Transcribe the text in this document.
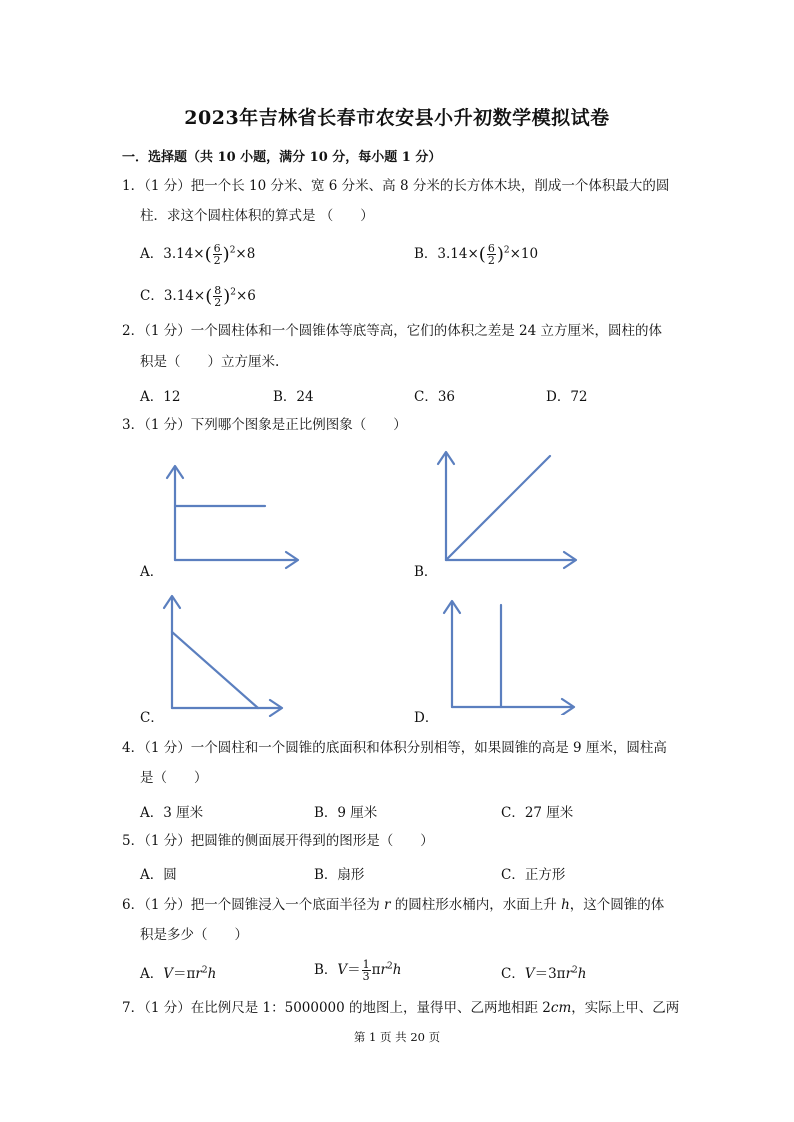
2023年吉林省长春市农安县小升初数学模拟试卷
一．选择题（共 10 小题，满分 10 分，每小题 1 分）
1．（1 分）把一个长 10 分米、宽 6 分米、高 8 分米的长方体木块，削成一个体积最大的圆
柱．求这个圆柱体积的算式是 （　　）
A．$3.14\times( \frac{6}{2} )^2\times 8$	B．$3.14\times( \frac{6}{2} )^2\times 10$
C．$3.14\times( \frac{8}{2} )^2\times 6$
2．（1 分）一个圆柱体和一个圆锥体等底等高，它们的体积之差是 24 立方厘米，圆柱的体
积是（　　）立方厘米.
A．12	B．24	C．36	D．72
3．（1 分）下列哪个图象是正比例图象（　　）
A．	B．
C．	D．
4．（1 分）一个圆柱和一个圆锥的底面积和体积分别相等，如果圆锥的高是 9 厘米，圆柱高
是（　　）
A．3 厘米	B．9 厘米	C．27 厘米
5．（1 分）把圆锥的侧面展开得到的图形是（　　）
A．圆	B．扇形	C．正方形
6．（1 分）把一个圆锥浸入一个底面半径为 r 的圆柱形水桶内，水面上升 h，这个圆锥的体
积是多少（　　）
A．$V=\pi r^2h$	B．$V= \frac{1}{3} \pi r^2h$	C．$V=3\pi r^2h$
7．（1 分）在比例尺是 1：5000000 的地图上，量得甲、乙两地相距 2cm，实际上甲、乙两
第 1 页 共 20 页
